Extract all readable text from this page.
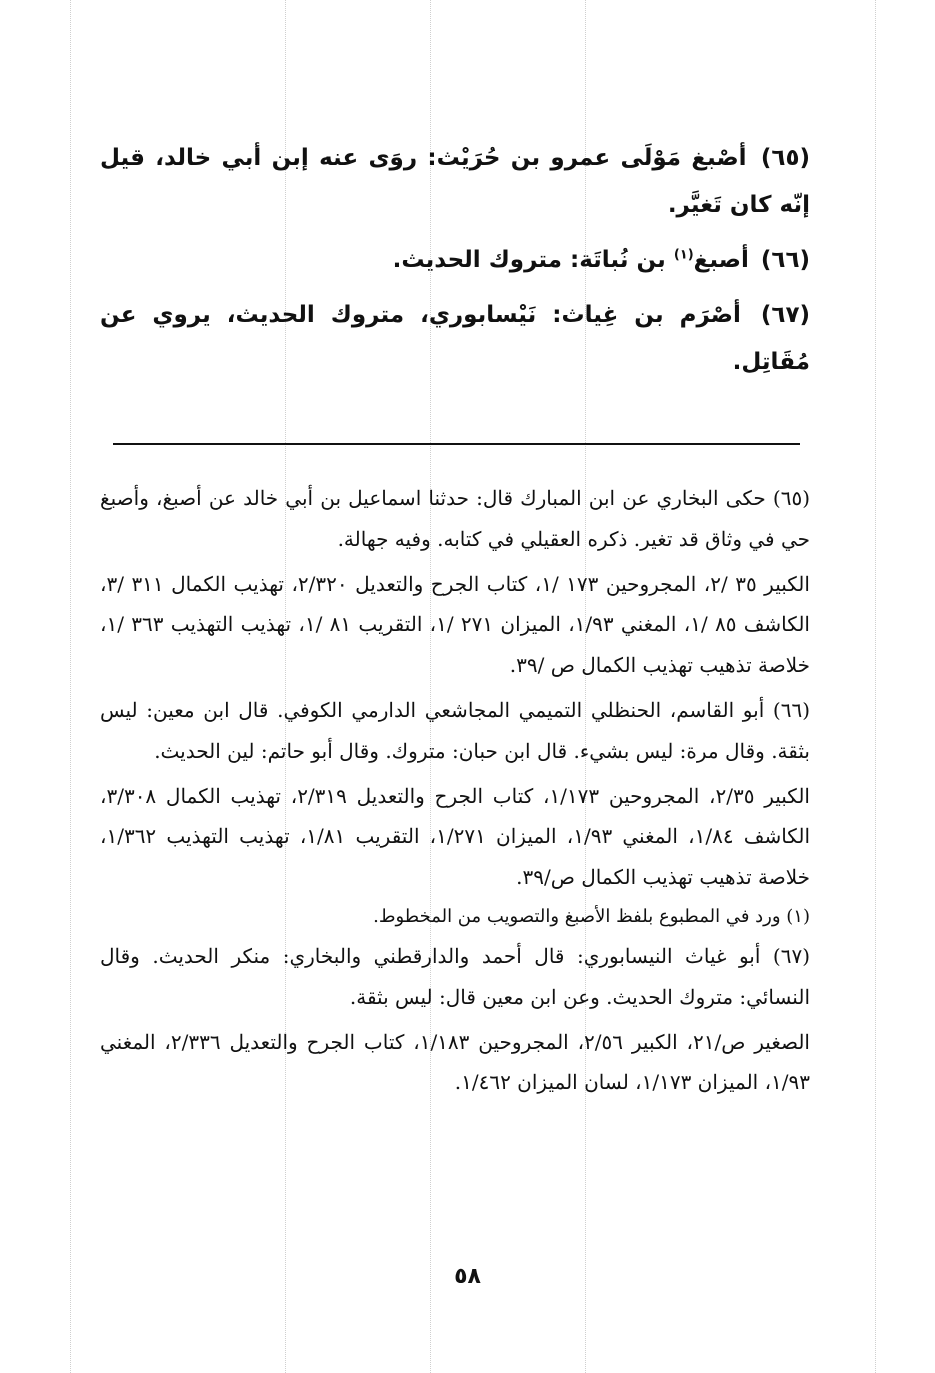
(٦٥) أصْبغ مَوْلَى عمرو بن حُرَيْث: روَى عنه إبن أبي خالد، قيل إنّه كان تَغيَّر.
(٦٦) أصبغ$^{(١)}$ بن نُباتَة: متروك الحديث.
(٦٧) أصْرَم بن غِياث: نَيْسابوري، متروك الحديث، يروي عن مُقَاتِل.

(٦٥) حكى البخاري عن ابن المبارك قال: حدثنا اسماعيل بن أبي خالد عن أصبغ، وأصبغ حي في وثاق قد تغير. ذكره العقيلي في كتابه. وفيه جهالة.

الكبير ٣٥ /٢، المجروحين ١٧٣ /١، كتاب الجرح والتعديل ٢/٣٢٠، تهذيب الكمال ٣١١ /٣، الكاشف ٨٥ /١، المغني ١/٩٣، الميزان ٢٧١ /١، التقريب ٨١ /١، تهذيب التهذيب ٣٦٣ /١، خلاصة تذهيب تهذيب الكمال ص /٣٩.

(٦٦) أبو القاسم، الحنظلي التميمي المجاشعي الدارمي الكوفي. قال ابن معين: ليس بثقة. وقال مرة: ليس بشيء. قال ابن حبان: متروك. وقال أبو حاتم: لين الحديث.

الكبير ٢/٣٥، المجروحين ١/١٧٣، كتاب الجرح والتعديل ٢/٣١٩، تهذيب الكمال ٣/٣٠٨، الكاشف ١/٨٤، المغني ١/٩٣، الميزان ١/٢٧١، التقريب ١/٨١، تهذيب التهذيب ١/٣٦٢، خلاصة تذهيب تهذيب الكمال ص/٣٩.

(١) ورد في المطبوع بلفظ الأصبغ والتصويب من المخطوط.

(٦٧) أبو غياث النيسابوري: قال أحمد والدارقطني والبخاري: منكر الحديث. وقال النسائي: متروك الحديث. وعن ابن معين قال: ليس بثقة.

الصغير ص/٢١، الكبير ٢/٥٦، المجروحين ١/١٨٣، كتاب الجرح والتعديل ٢/٣٣٦، المغني ١/٩٣، الميزان ١/١٧٣، لسان الميزان ١/٤٦٢.

٥٨
